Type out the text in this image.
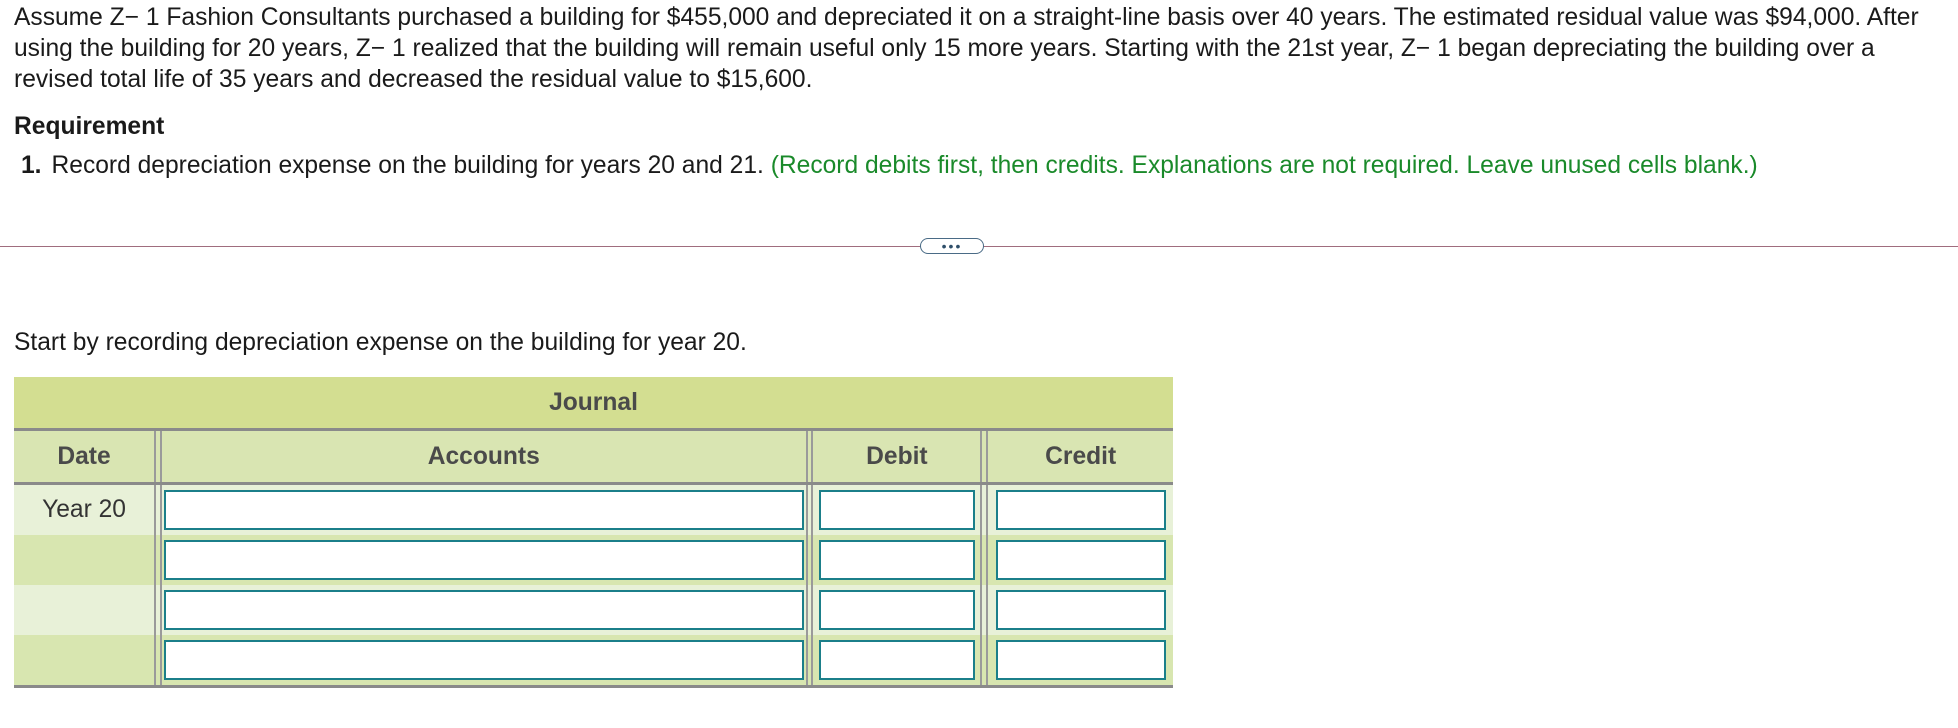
Assume Z− 1 Fashion Consultants purchased a building for $455,000 and depreciated it on a straight-line basis over 40 years. The estimated residual value was $94,000. After using the building for 20 years, Z− 1 realized that the building will remain useful only 15 more years. Starting with the 21st year, Z− 1 began depreciating the building over a revised total life of 35 years and decreased the residual value to $15,600.
Requirement
1. Record depreciation expense on the building for years 20 and 21. (Record debits first, then credits. Explanations are not required. Leave unused cells blank.)
•••
Start by recording depreciation expense on the building for year 20.
Journal
Date	Accounts	Debit	Credit
Year 20
